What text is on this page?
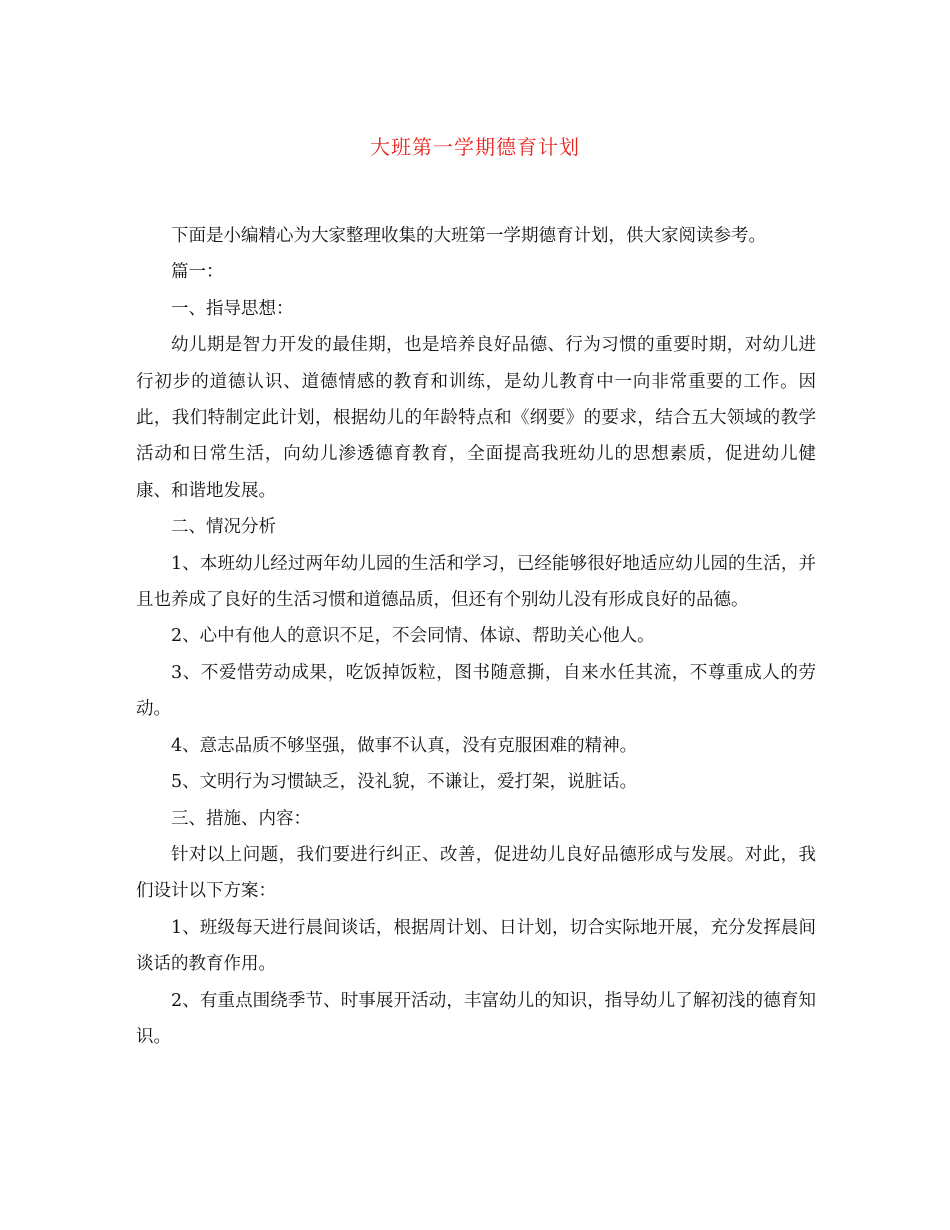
大班第一学期德育计划

下面是小编精心为大家整理收集的大班第一学期德育计划，供大家阅读参考。

篇一：

一、指导思想：

幼儿期是智力开发的最佳期，也是培养良好品德、行为习惯的重要时期，对幼儿进行初步的道德认识、道德情感的教育和训练，是幼儿教育中一向非常重要的工作。因此，我们特制定此计划，根据幼儿的年龄特点和《纲要》的要求，结合五大领域的教学活动和日常生活，向幼儿渗透德育教育，全面提高我班幼儿的思想素质，促进幼儿健康、和谐地发展。

二、情况分析

1、本班幼儿经过两年幼儿园的生活和学习，已经能够很好地适应幼儿园的生活，并且也养成了良好的生活习惯和道德品质，但还有个别幼儿没有形成良好的品德。

2、心中有他人的意识不足，不会同情、体谅、帮助关心他人。

3、不爱惜劳动成果，吃饭掉饭粒，图书随意撕，自来水任其流，不尊重成人的劳动。

4、意志品质不够坚强，做事不认真，没有克服困难的精神。

5、文明行为习惯缺乏，没礼貌，不谦让，爱打架，说脏话。

三、措施、内容：

针对以上问题，我们要进行纠正、改善，促进幼儿良好品德形成与发展。对此，我们设计以下方案：

1、班级每天进行晨间谈话，根据周计划、日计划，切合实际地开展，充分发挥晨间谈话的教育作用。

2、有重点围绕季节、时事展开活动，丰富幼儿的知识，指导幼儿了解初浅的德育知识。
